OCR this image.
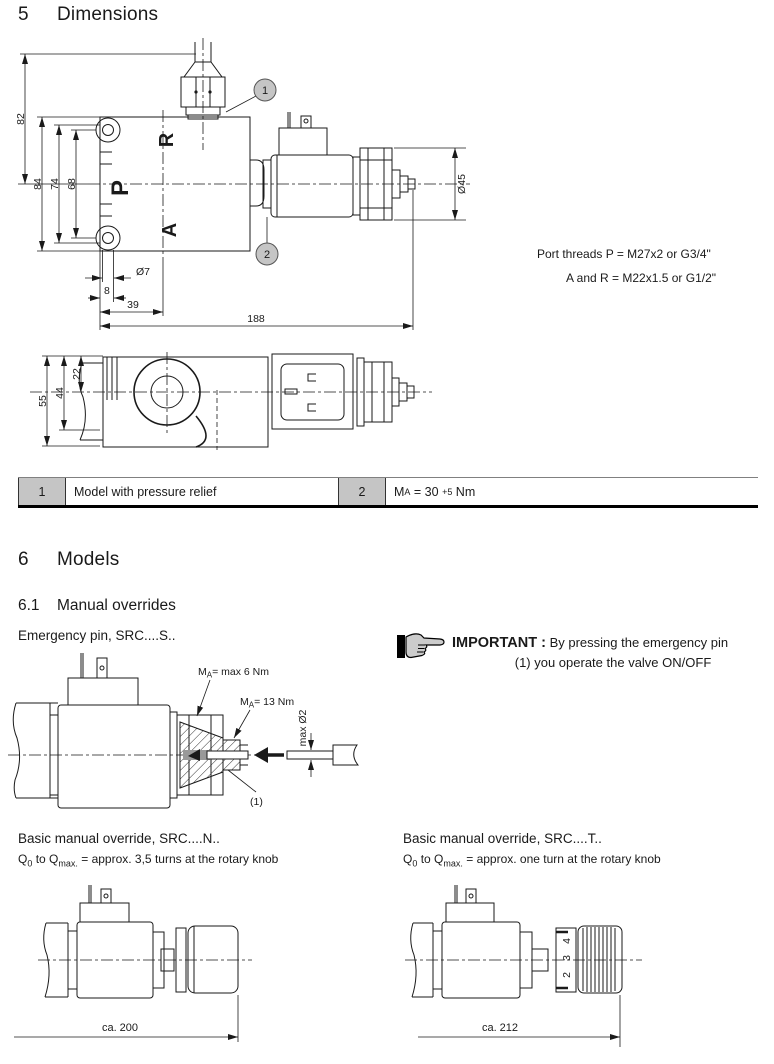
5 Dimensions
R
P
A
1
2
82
84 74 68
Ø7
8
39
188
Ø45
Port threads P = M27x2 or G3/4"
A and R = M22x1.5 or G1/2"
55
44
22
1	Model with pressure relief	2	M A = 30 +5 Nm
6 Models
6.1 Manual overrides
Emergency pin, SRC....S..	IMPORTANT : By pressing the emergency pin
(1) you operate the valve ON/OFF
$M_A= \max 6$ Nm
$M_A= 13$ Nm
max Ø2
(1)
Basic manual override, SRC....N..
$Q_0$ to $Q_{max.}$ = approx. 3,5 turns at the rotary knob
Basic manual override, SRC....T..
$Q_0$ to $Q_{max.}$ = approx. one turn at the rotary knob
ca. 200
4
3
2
ca. 212
